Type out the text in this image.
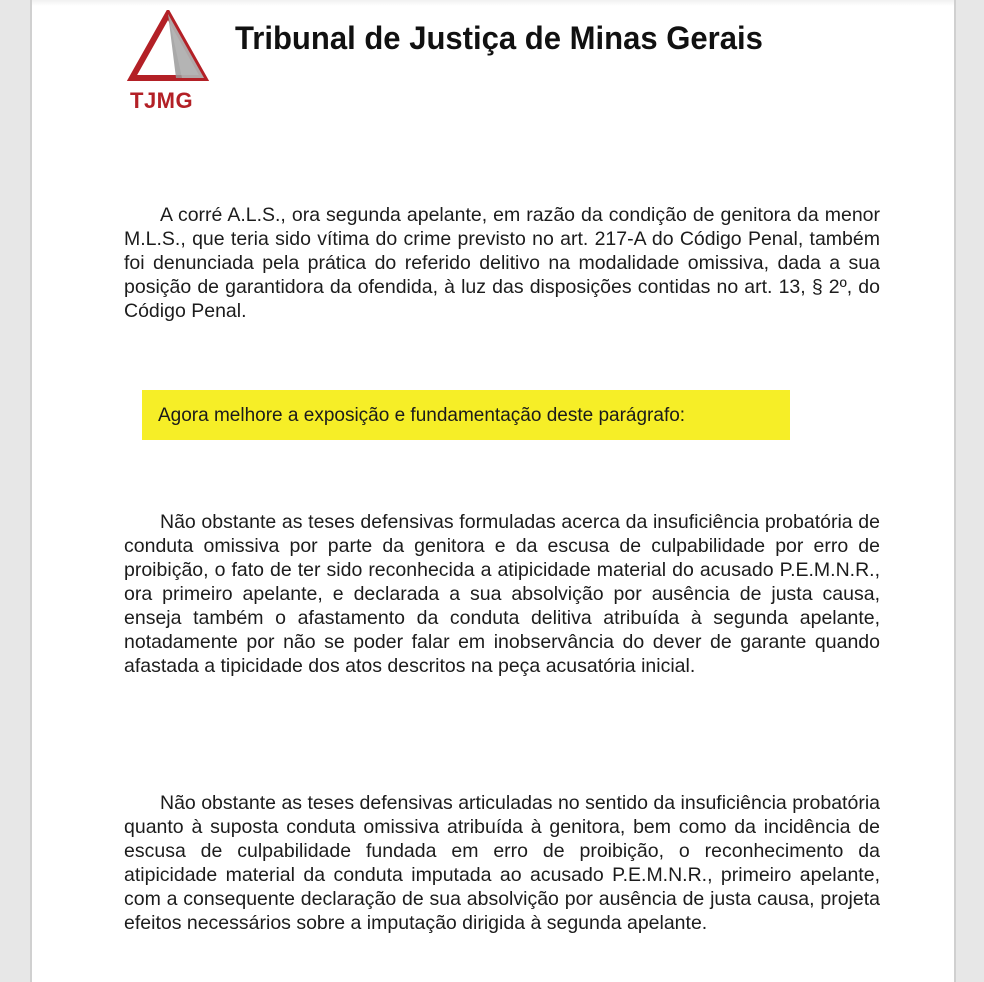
TJMG
Tribunal de Justiça de Minas Gerais

A corré A.L.S., ora segunda apelante, em razão da condição de genitora da menor M.L.S., que teria sido vítima do crime previsto no art. 217-A do Código Penal, também foi denunciada pela prática do referido delitivo na modalidade omissiva, dada a sua posição de garantidora da ofendida, à luz das disposições contidas no art. 13, § 2º, do Código Penal.

Agora melhore a exposição e fundamentação deste parágrafo:

Não obstante as teses defensivas formuladas acerca da insuficiência probatória de conduta omissiva por parte da genitora e da escusa de culpabilidade por erro de proibição, o fato de ter sido reconhecida a atipicidade material do acusado P.E.M.N.R., ora primeiro apelante, e declarada a sua absolvição por ausência de justa causa, enseja também o afastamento da conduta delitiva atribuída à segunda apelante, notadamente por não se poder falar em inobservância do dever de garante quando afastada a tipicidade dos atos descritos na peça acusatória inicial.

Não obstante as teses defensivas articuladas no sentido da insuficiência probatória quanto à suposta conduta omissiva atribuída à genitora, bem como da incidência de escusa de culpabilidade fundada em erro de proibição, o reconhecimento da atipicidade material da conduta imputada ao acusado P.E.M.N.R., primeiro apelante, com a consequente declaração de sua absolvição por ausência de justa causa, projeta efeitos necessários sobre a imputação dirigida à segunda apelante.
